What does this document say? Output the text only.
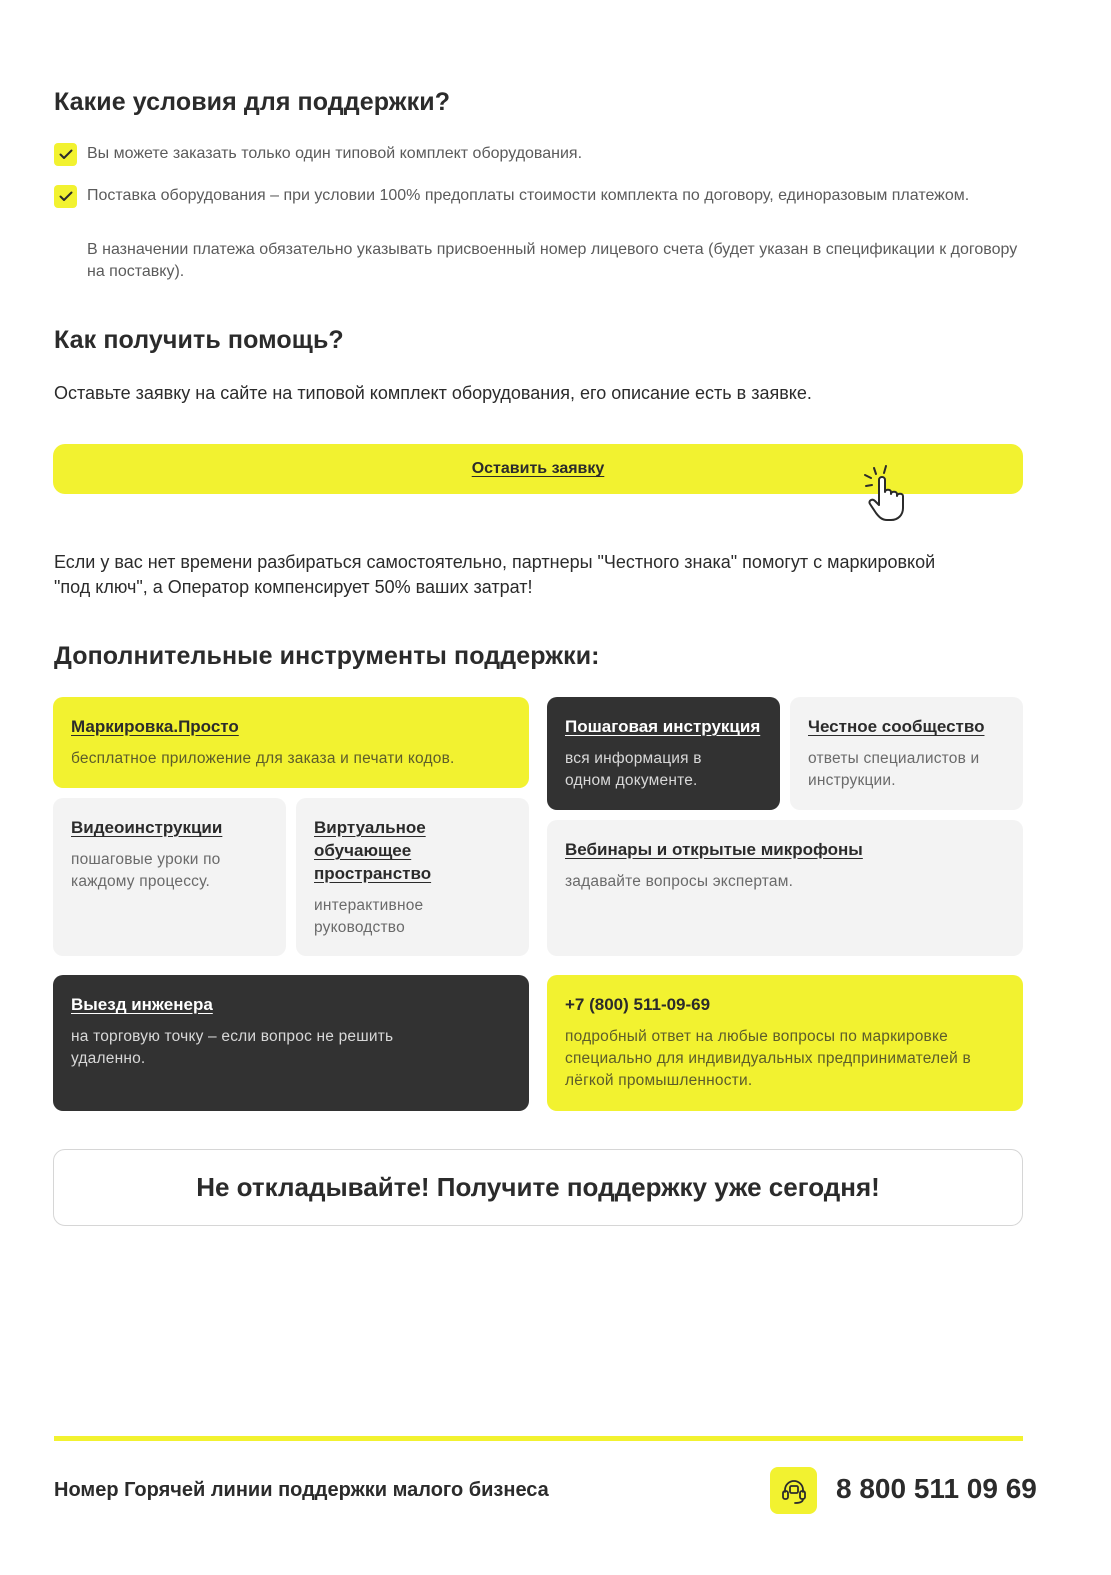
Какие условия для поддержки?
Вы можете заказать только один типовой комплект оборудования.
Поставка оборудования – при условии 100% предоплаты стоимости комплекта по договору, единоразовым платежом.

В назначении платежа обязательно указывать присвоенный номер лицевого счета (будет указан в спецификации к договору на поставку).

Как получить помощь?

Оставьте заявку на сайте на типовой комплект оборудования, его описание есть в заявке.

Оставить заявку

Если у вас нет времени разбираться самостоятельно, партнеры "Честного знака" помогут с маркировкой "под ключ", а Оператор компенсирует 50% ваших затрат!

Дополнительные инструменты поддержки:
Маркировка.Просто

бесплатное приложение для заказа и печати кодов.

Пошаговая инструкция

вся информация в одном документе.

Честное сообщество

ответы специалистов и инструкции.

Видеоинструкции

пошаговые уроки по каждому процессу.

Виртуальное обучающее пространство

интерактивное руководство

Вебинары и открытые микрофоны

задавайте вопросы экспертам.

Выезд инженера

на торговую точку – если вопрос не решить удаленно.

+7 (800) 511-09-69

подробный ответ на любые вопросы по маркировке специально для индивидуальных предпринимателей в лёгкой промышленности.

Не откладывайте! Получите поддержку уже сегодня!
Номер Горячей линии поддержки малого бизнеса	8 800 511 09 69
